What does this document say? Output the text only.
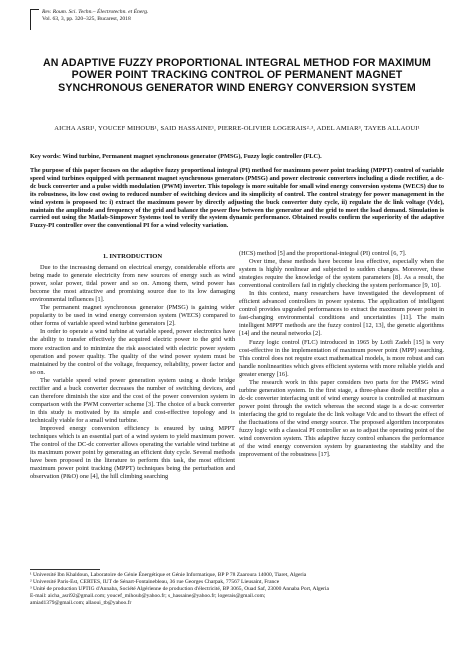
Rev. Roum. Sci. Techn.– Électrotechn. et Énerg.
Vol. 63, 3, pp. 320–325, Bucarest, 2018
AN ADAPTIVE FUZZY PROPORTIONAL INTEGRAL METHOD FOR MAXIMUM POWER POINT TRACKING CONTROL OF PERMANENT MAGNET SYNCHRONOUS GENERATOR WIND ENERGY CONVERSION SYSTEM
AICHA ASRI¹, YOUCEF MIHOUB¹, SAID HASSAINE¹, PIERRE-OLIVIER LOGERAIS²˒³, ADEL AMIAR³, TAYEB ALLAOUI¹
Key words: Wind turbine, Permanent magnet synchronous generator (PMSG), Fuzzy logic controller (FLC).
The purpose of this paper focuses on the adaptive fuzzy proportional integral (PI) method for maximum power point tracking (MPPT) control of variable speed wind turbines equipped with permanent magnet synchronous generators (PMSG) and power electronic converters including a diode rectifier, a dc-dc buck converter and a pulse width modulation (PWM) inverter. This topology is more suitable for small wind energy conversion systems (WECS) due to its robustness, its low cost owing to reduced number of switching devices and its simplicity of control. The control strategy for power management in the wind system is proposed to: i) extract the maximum power by directly adjusting the buck converter duty cycle, ii) regulate the dc link voltage (Vdc), maintain the amplitude and frequency of the grid and balance the power flow between the generator and the grid to meet the load demand. Simulation is carried out using the Matlab-Simpower Systems tool to verify the system dynamic performance. Obtained results confirm the superiority of the adaptive Fuzzy-PI controller over the conventional PI for a wind velocity variation.
1. INTRODUCTION

Due to the increasing demand on electrical energy, considerable efforts are being made to generate electricity from new sources of energy such as wind power, solar power, tidal power and so on. Among them, wind power has become the most attractive and promising source due to its low damaging environmental influences [1].

The permanent magnet synchronous generator (PMSG) is gaining wider popularity to be used in wind energy conversion system (WECS) compared to other forms of variable speed wind turbine generators [2].

In order to operate a wind turbine at variable speed, power electronics have the ability to transfer effectively the acquired electric power to the grid with more extraction and to minimize the risk associated with electric power system operation and power quality. The quality of the wind power system must be maintained by the control of the voltage, frequency, reliability, power factor and so on.

The variable speed wind power generation system using a diode bridge rectifier and a buck converter decreases the number of switching devices, and can therefore diminish the size and the cost of the power conversion system in comparison with the PWM converter scheme [3]. The choice of a buck converter in this study is motivated by its simple and cost-effective topology and is technically viable for a small wind turbine.

Improved energy conversion efficiency is ensured by using MPPT techniques which is an essential part of a wind system to yield maximum power. The control of the DC-dc converter allows operating the variable wind turbine at its maximum power point by generating an efficient duty cycle. Several methods have been proposed in the literature to perform this task, the most efficient maximum power point tracking (MPPT) techniques being the perturbation and observation (P&O) one [4], the hill climbing searching

(HCS) method [5] and the proportional-integral (PI) control [6, 7].

Over time, these methods have become less effective, especially when the system is highly nonlinear and subjected to sudden changes. Moreover, these strategies require the knowledge of the system parameters [8]. As a result, the conventional controllers fail in rightly checking the system performance [9, 10].

In this context, many researchers have investigated the development of efficient advanced controllers in power systems. The application of intelligent control provides upgraded performances to extract the maximum power point in fast-changing environmental conditions and uncertainties [11]. The main intelligent MPPT methods are the fuzzy control [12, 13], the genetic algorithms [14] and the neural networks [2].

Fuzzy logic control (FLC) introduced in 1965 by Lotfi Zadeh [15] is very cost-effective in the implementation of maximum power point (MPP) searching. This control does not require exact mathematical models, is more robust and can handle nonlinearities which gives efficient systems with more reliable yields and greater energy [16].

The research work in this paper considers two parts for the PMSG wind turbine generation system. In the first stage, a three-phase diode rectifier plus a dc-dc converter interfacing unit of wind energy source is controlled at maximum power point through the switch whereas the second stage is a dc-ac converter interfacing the grid to regulate the dc link voltage Vdc and to thwart the effect of the fluctuations of the wind energy source. The proposed algorithm incorporates fuzzy logic with a classical PI controller so as to adjust the operating point of the wind conversion system. This adaptive fuzzy control enhances the performance of the wind energy conversion system by guaranteeing the stability and the improvement of the robustness [17].

¹ Université Ibn Khaldoun, Laboratoire de Génie Énergétique et Génie Informatique, BP P 78 Zaaroura 14000, Tiaret, Algeria
² Université Paris-Est, CERTES, IUT de Sénart-Fontainebleau, 36 rue Georges Charpak, 77567 Lieusaint, France
³ Unité de production UPTIG d'Annaba, Société Algérienne de production d'électricité, BP 3065, Ouad Saf, 23000 Annaba Port, Algeria
E-mail: aicha_asri92@gmail.com; youcef_mihoub@yahoo.fr; s_hassaine@yahoo.fr; logerais@gmail.com;
amiad1379@gmail.com; allaoui_tb@yahoo.fr
